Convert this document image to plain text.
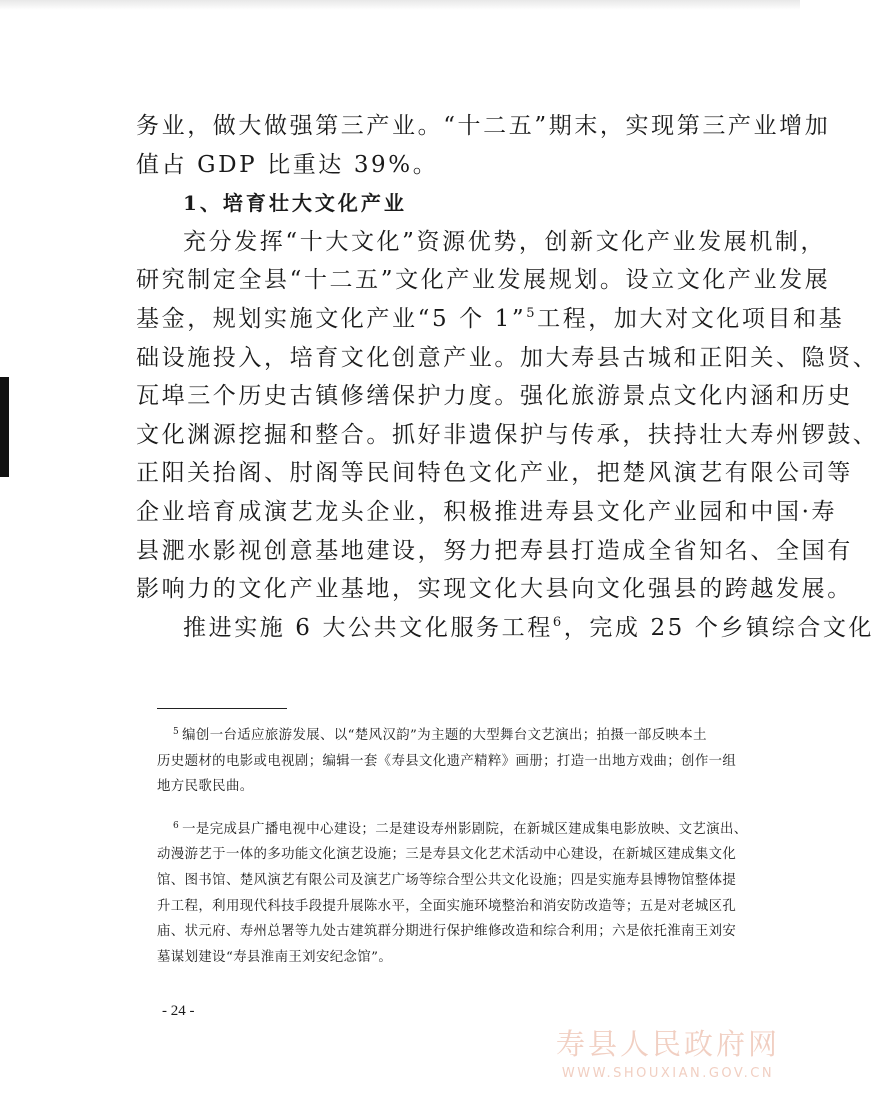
务业，做大做强第三产业。“十二五”期末，实现第三产业增加

值占 GDP 比重达 39%。

1、培育壮大文化产业

充分发挥“十大文化”资源优势，创新文化产业发展机制，

研究制定全县“十二五”文化产业发展规划。设立文化产业发展

基金，规划实施文化产业“5 个 1”$^5$工程，加大对文化项目和基

础设施投入，培育文化创意产业。加大寿县古城和正阳关、隐贤、

瓦埠三个历史古镇修缮保护力度。强化旅游景点文化内涵和历史

文化渊源挖掘和整合。抓好非遗保护与传承，扶持壮大寿州锣鼓、

正阳关抬阁、肘阁等民间特色文化产业，把楚风演艺有限公司等

企业培育成演艺龙头企业，积极推进寿县文化产业园和中国·寿

县淝水影视创意基地建设，努力把寿县打造成全省知名、全国有

影响力的文化产业基地，实现文化大县向文化强县的跨越发展。

推进实施 6 大公共文化服务工程$^6$，完成 25 个乡镇综合文化

$^5$ 编创一台适应旅游发展、以“楚风汉韵”为主题的大型舞台文艺演出；拍摄一部反映本土

历史题材的电影或电视剧；编辑一套《寿县文化遗产精粹》画册；打造一出地方戏曲；创作一组

地方民歌民曲。

$^6$ 一是完成县广播电视中心建设；二是建设寿州影剧院，在新城区建成集电影放映、文艺演出、

动漫游艺于一体的多功能文化演艺设施；三是寿县文化艺术活动中心建设，在新城区建成集文化

馆、图书馆、楚风演艺有限公司及演艺广场等综合型公共文化设施；四是实施寿县博物馆整体提

升工程，利用现代科技手段提升展陈水平，全面实施环境整治和消安防改造等；五是对老城区孔

庙、状元府、寿州总署等九处古建筑群分期进行保护维修改造和综合利用；六是依托淮南王刘安

墓谋划建设“寿县淮南王刘安纪念馆”。

- 24 -
寿县人民政府网
WWW.SHOUXIAN.GOV.CN
